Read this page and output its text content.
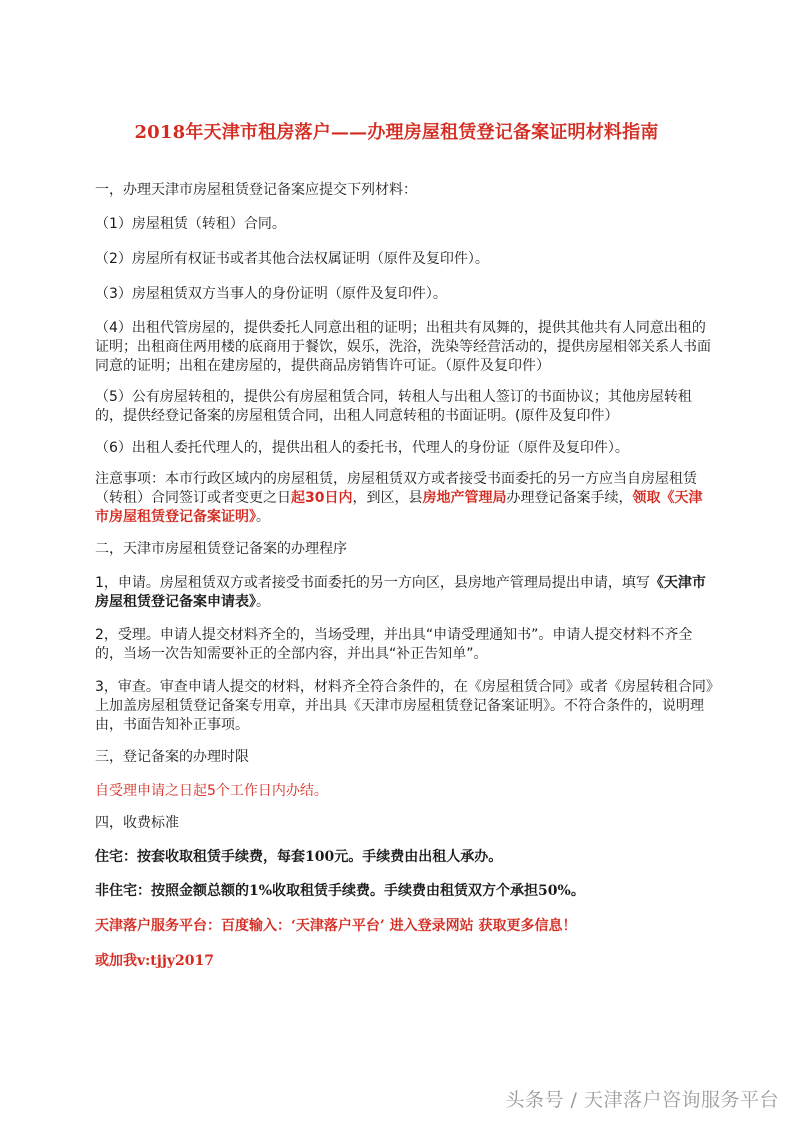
2018年天津市租房落户——办理房屋租赁登记备案证明材料指南

一，办理天津市房屋租赁登记备案应提交下列材料：

（1）房屋租赁（转租）合同。

（2）房屋所有权证书或者其他合法权属证明（原件及复印件）。

（3）房屋租赁双方当事人的身份证明（原件及复印件）。

（4）出租代管房屋的，提供委托人同意出租的证明；出租共有凤舞的，提供其他共有人同意出租的证明；出租商住两用楼的底商用于餐饮，娱乐，洗浴，洗染等经营活动的，提供房屋相邻关系人书面同意的证明；出租在建房屋的，提供商品房销售许可证。（原件及复印件）

（5）公有房屋转租的，提供公有房屋租赁合同，转租人与出租人签订的书面协议；其他房屋转租的，提供经登记备案的房屋租赁合同，出租人同意转租的书面证明。(原件及复印件）

（6）出租人委托代理人的，提供出租人的委托书，代理人的身份证（原件及复印件）。

注意事项：本市行政区域内的房屋租赁，房屋租赁双方或者接受书面委托的另一方应当自房屋租赁（转租）合同签订或者变更之日起30日内，到区，县房地产管理局办理登记备案手续，领取《天津市房屋租赁登记备案证明》。

二，天津市房屋租赁登记备案的办理程序

1，申请。房屋租赁双方或者接受书面委托的另一方向区，县房地产管理局提出申请，填写《天津市房屋租赁登记备案申请表》。

2，受理。申请人提交材料齐全的，当场受理，并出具“申请受理通知书”。申请人提交材料不齐全的，当场一次告知需要补正的全部内容，并出具“补正告知单”。

3，审查。审查申请人提交的材料，材料齐全符合条件的，在《房屋租赁合同》或者《房屋转租合同》上加盖房屋租赁登记备案专用章，并出具《天津市房屋租赁登记备案证明》。不符合条件的，说明理由，书面告知补正事项。

三，登记备案的办理时限

自受理申请之日起5个工作日内办结。

四，收费标准

住宅：按套收取租赁手续费，每套100元。手续费由出租人承办。

非住宅：按照金额总额的1%收取租赁手续费。手续费由租赁双方个承担50%。

天津落户服务平台：百度输入：‘天津落户平台’ 进入登录网站 获取更多信息！

或加我v:tjjy2017

头条号 / 天津落户咨询服务平台
